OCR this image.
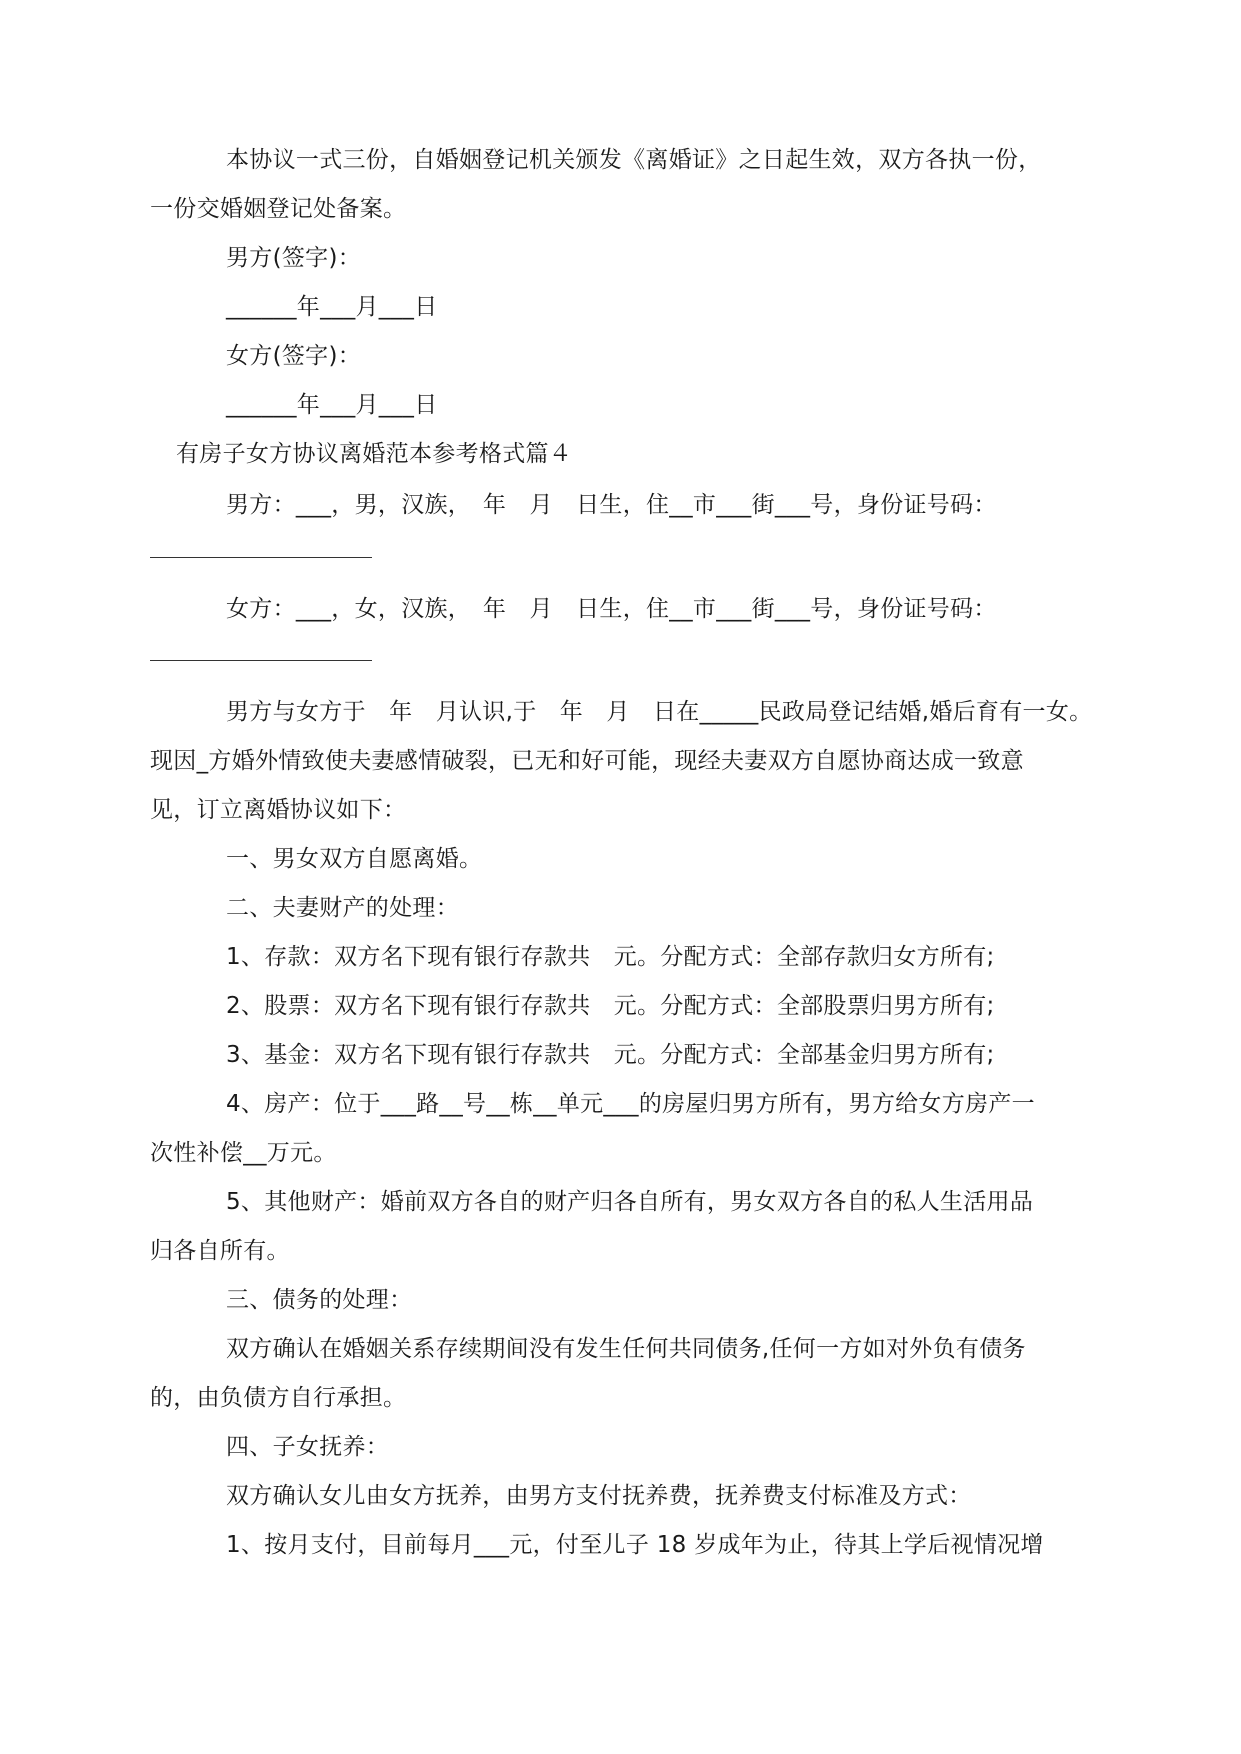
本协议一式三份，自婚姻登记机关颁发《离婚证》之日起生效，双方各执一份，
一份交婚姻登记处备案。
男方(签字)：
______年___月___日
女方(签字)：
______年___月___日
有房子女方协议离婚范本参考格式篇４
男方：___，男，汉族，　年　月　日生，住__市___街___号，身份证号码：
女方：___，女，汉族，　年　月　日生，住__市___街___号，身份证号码：
男方与女方于　年　月认识,于　年　月　日在_____民政局登记结婚,婚后育有一女。
现因_方婚外情致使夫妻感情破裂，已无和好可能，现经夫妻双方自愿协商达成一致意
见，订立离婚协议如下：
一、男女双方自愿离婚。
二、夫妻财产的处理：
1、存款：双方名下现有银行存款共　元。分配方式：全部存款归女方所有;
2、股票：双方名下现有银行存款共　元。分配方式：全部股票归男方所有;
3、基金：双方名下现有银行存款共　元。分配方式：全部基金归男方所有;
4、房产：位于___路__号__栋__单元___的房屋归男方所有，男方给女方房产一
次性补偿__万元。
5、其他财产：婚前双方各自的财产归各自所有，男女双方各自的私人生活用品
归各自所有。
三、债务的处理：
双方确认在婚姻关系存续期间没有发生任何共同债务,任何一方如对外负有债务
的，由负债方自行承担。
四、子女抚养：
双方确认女儿由女方抚养，由男方支付抚养费，抚养费支付标准及方式：
1、按月支付，目前每月___元，付至儿子 18 岁成年为止，待其上学后视情况增
